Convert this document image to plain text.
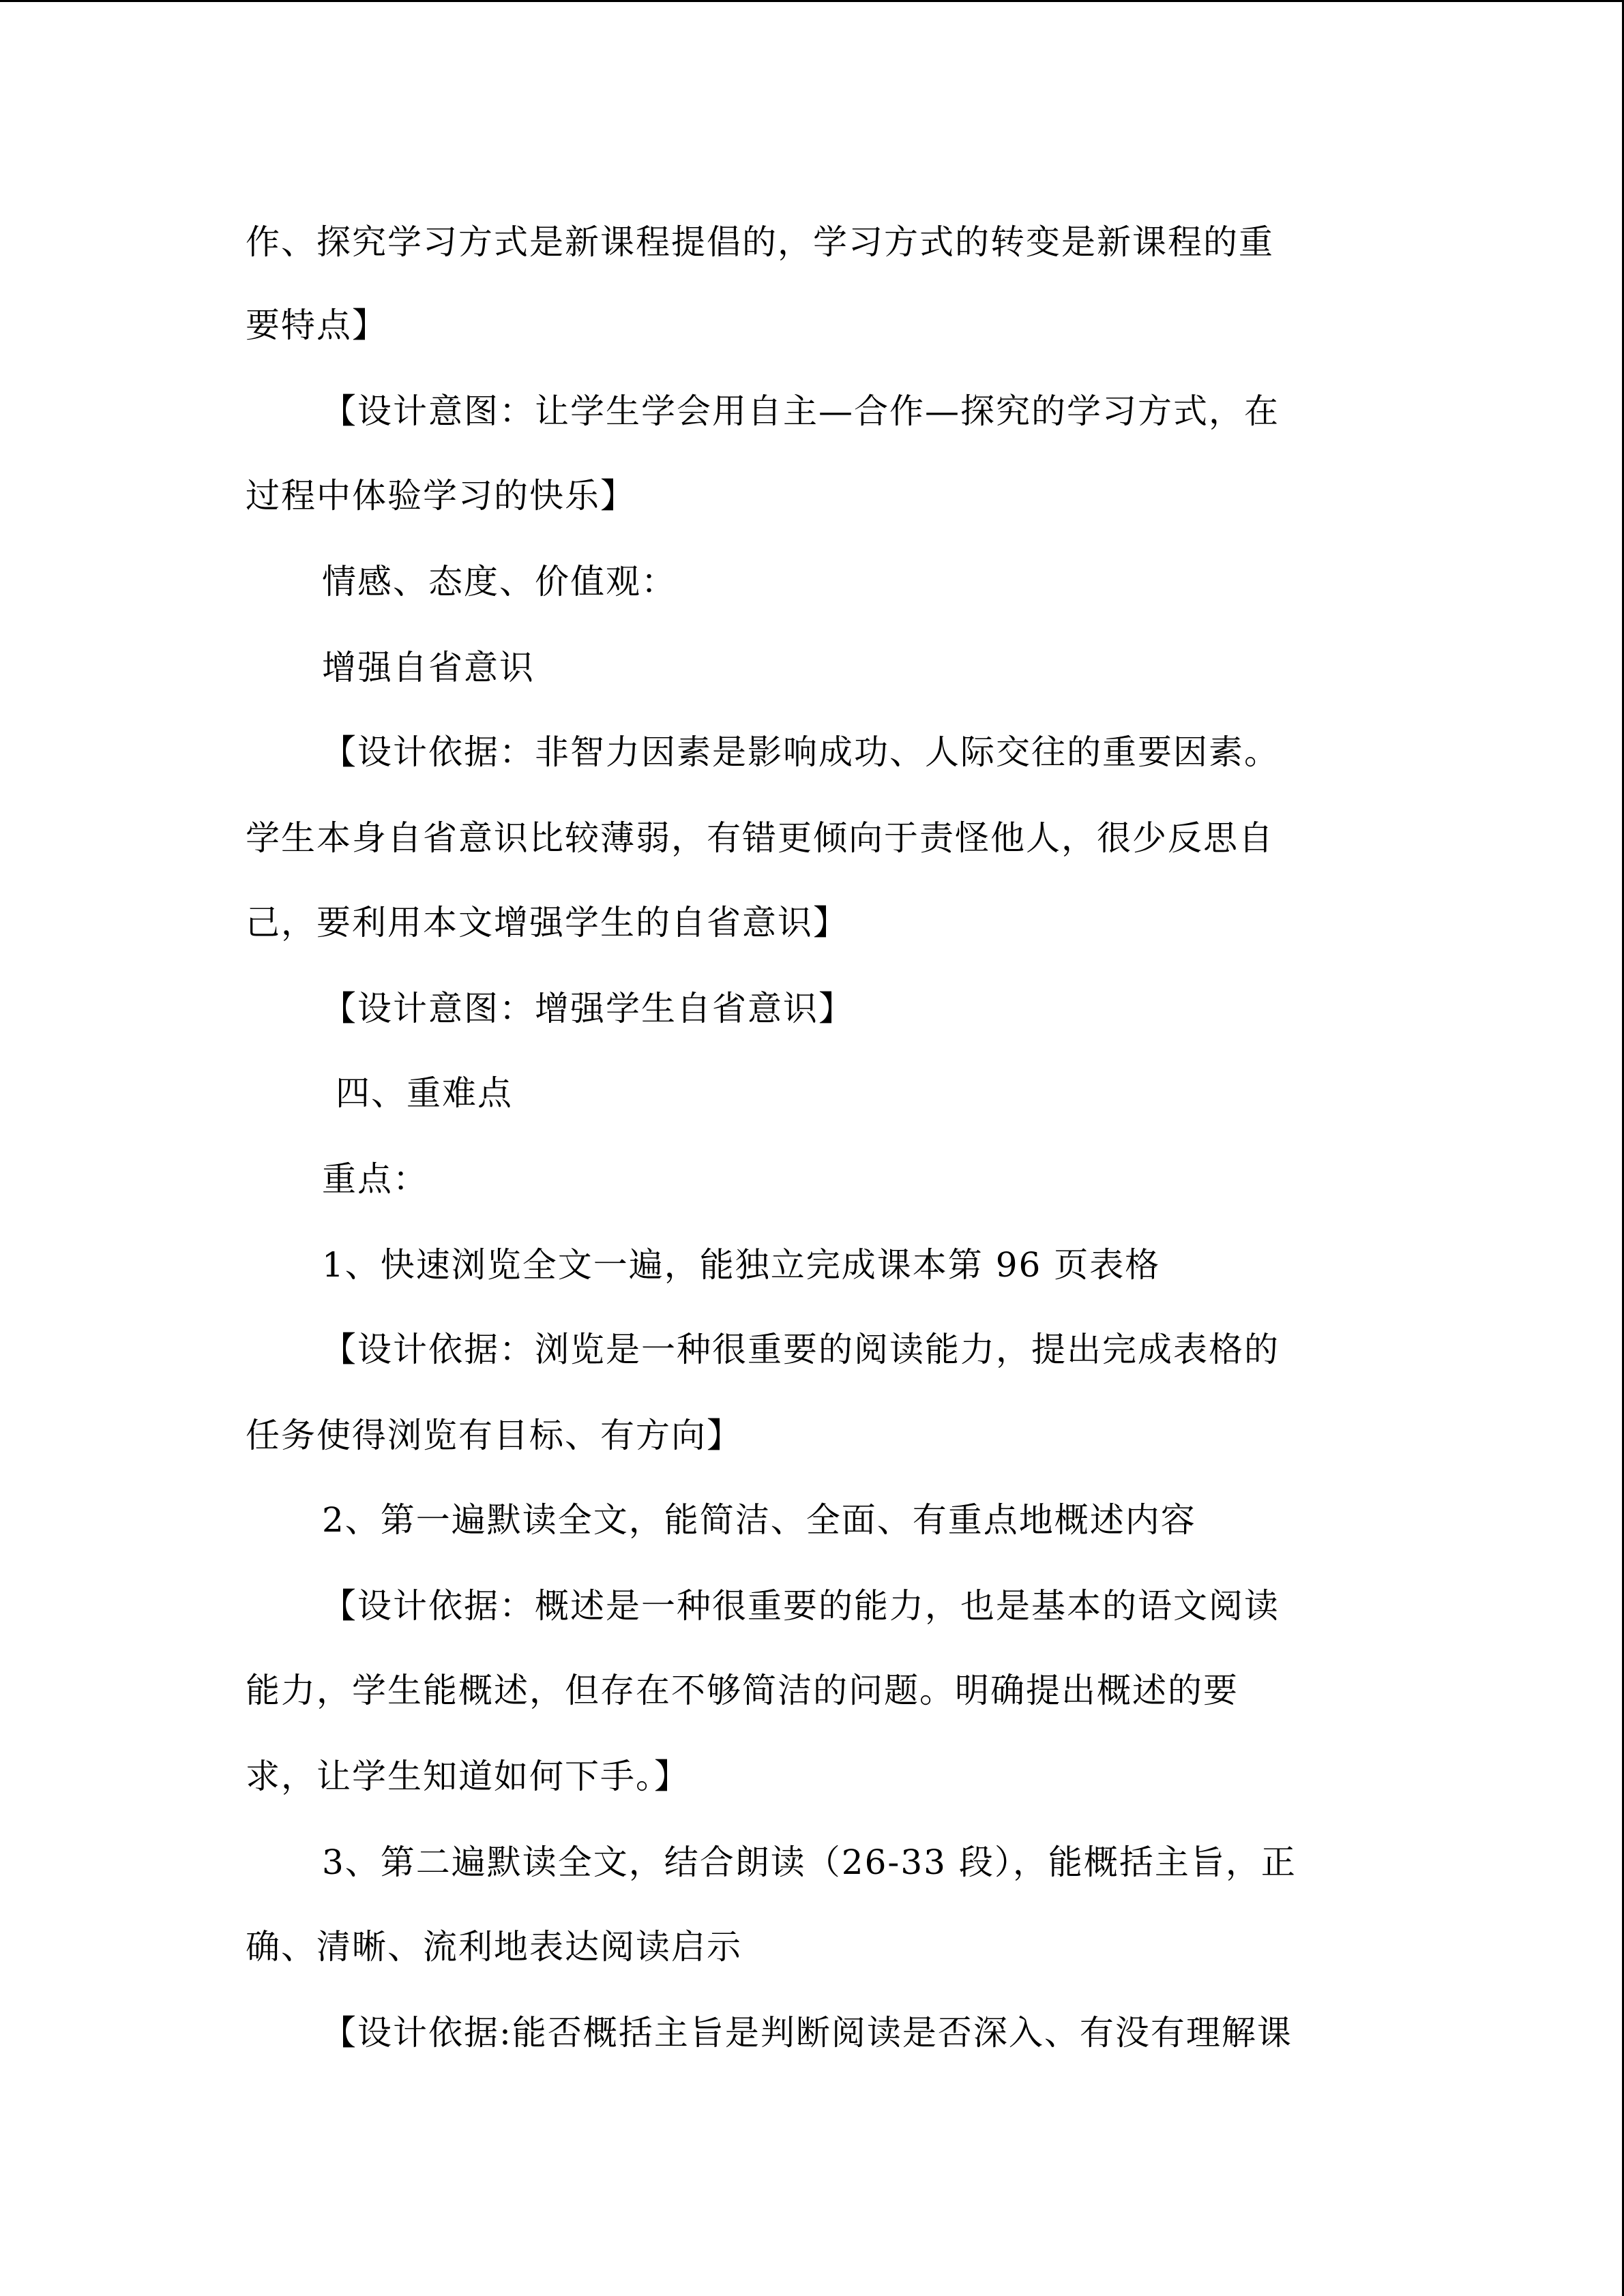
作、探究学习方式是新课程提倡的，学习方式的转变是新课程的重
要特点】
【设计意图：让学生学会用自主—合作—探究的学习方式，在
过程中体验学习的快乐】
情感、态度、价值观：
增强自省意识
【设计依据：非智力因素是影响成功、人际交往的重要因素。
学生本身自省意识比较薄弱，有错更倾向于责怪他人，很少反思自
己，要利用本文增强学生的自省意识】
【设计意图：增强学生自省意识】
四、重难点
重点：
1、快速浏览全文一遍，能独立完成课本第 96 页表格
【设计依据：浏览是一种很重要的阅读能力，提出完成表格的
任务使得浏览有目标、有方向】
2、第一遍默读全文，能简洁、全面、有重点地概述内容
【设计依据：概述是一种很重要的能力，也是基本的语文阅读
能力，学生能概述，但存在不够简洁的问题。明确提出概述的要
求，让学生知道如何下手。】
3、第二遍默读全文，结合朗读（26-33 段），能概括主旨，正
确、清晰、流利地表达阅读启示
【设计依据:能否概括主旨是判断阅读是否深入、有没有理解课
